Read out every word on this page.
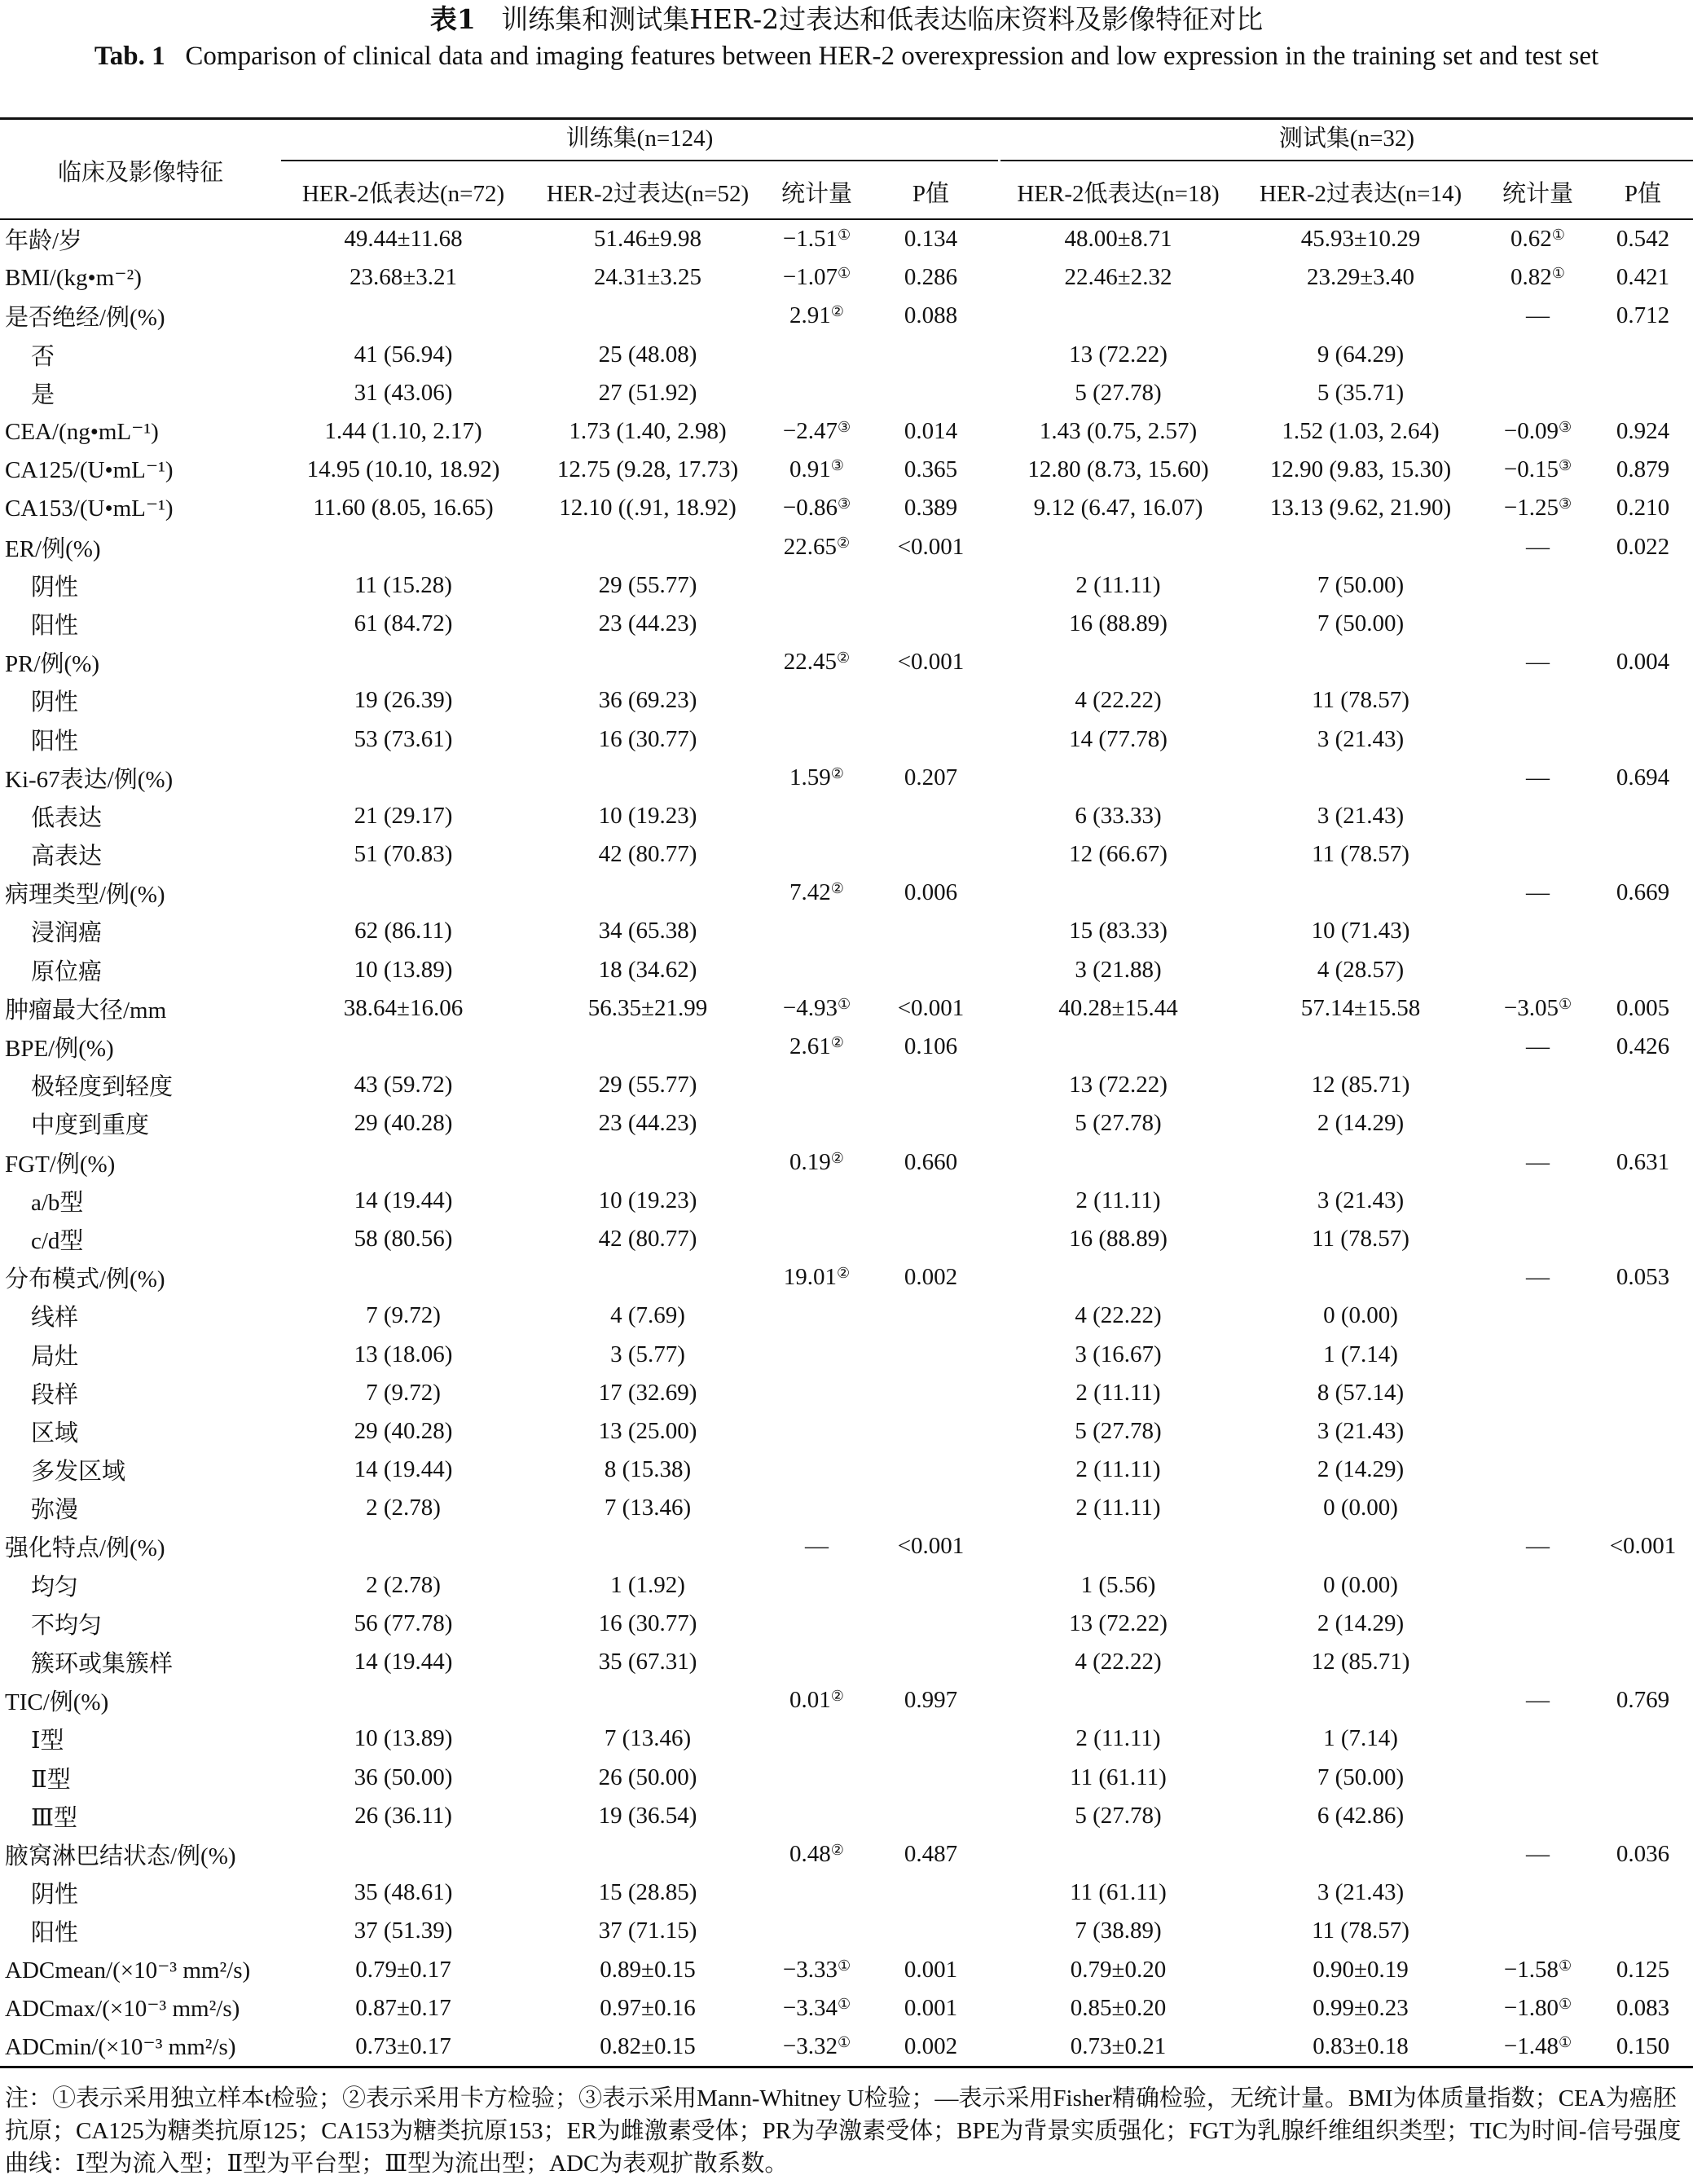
表1 训练集和测试集HER-2过表达和低表达临床资料及影像特征对比
Tab. 1 Comparison of clinical data and imaging features between HER-2 overexpression and low expression in the training set and test set
临床及影像特征
训练集(n=124)	测试集(n=32)
HER-2低表达(n=72)	HER-2过表达(n=52)	统计量	P值	HER-2低表达(n=18)	HER-2过表达(n=14)	统计量	P值
年龄/岁	49.44±11.68	51.46±9.98	−1.51①	0.134	48.00±8.71	45.93±10.29	0.62①	0.542
BMI/(kg•m⁻²)	23.68±3.21	24.31±3.25	−1.07①	0.286	22.46±2.32	23.29±3.40	0.82①	0.421
是否绝经/例(%)			2.91②	0.088			—	0.712
否	41 (56.94)	25 (48.08)			13 (72.22)	9 (64.29)		
是	31 (43.06)	27 (51.92)			5 (27.78)	5 (35.71)		
CEA/(ng•mL⁻¹)	1.44 (1.10, 2.17)	1.73 (1.40, 2.98)	−2.47③	0.014	1.43 (0.75, 2.57)	1.52 (1.03, 2.64)	−0.09③	0.924
CA125/(U•mL⁻¹)	14.95 (10.10, 18.92)	12.75 (9.28, 17.73)	0.91③	0.365	12.80 (8.73, 15.60)	12.90 (9.83, 15.30)	−0.15③	0.879
CA153/(U•mL⁻¹)	11.60 (8.05, 16.65)	12.10 ((.91, 18.92)	−0.86③	0.389	9.12 (6.47, 16.07)	13.13 (9.62, 21.90)	−1.25③	0.210
ER/例(%)			22.65②	<0.001			—	0.022
阴性	11 (15.28)	29 (55.77)			2 (11.11)	7 (50.00)		
阳性	61 (84.72)	23 (44.23)			16 (88.89)	7 (50.00)		
PR/例(%)			22.45②	<0.001			—	0.004
阴性	19 (26.39)	36 (69.23)			4 (22.22)	11 (78.57)		
阳性	53 (73.61)	16 (30.77)			14 (77.78)	3 (21.43)		
Ki-67表达/例(%)			1.59②	0.207			—	0.694
低表达	21 (29.17)	10 (19.23)			6 (33.33)	3 (21.43)		
高表达	51 (70.83)	42 (80.77)			12 (66.67)	11 (78.57)		
病理类型/例(%)			7.42②	0.006			—	0.669
浸润癌	62 (86.11)	34 (65.38)			15 (83.33)	10 (71.43)		
原位癌	10 (13.89)	18 (34.62)			3 (21.88)	4 (28.57)		
肿瘤最大径/mm	38.64±16.06	56.35±21.99	−4.93①	<0.001	40.28±15.44	57.14±15.58	−3.05①	0.005
BPE/例(%)			2.61②	0.106			—	0.426
极轻度到轻度	43 (59.72)	29 (55.77)			13 (72.22)	12 (85.71)		
中度到重度	29 (40.28)	23 (44.23)			5 (27.78)	2 (14.29)		
FGT/例(%)			0.19②	0.660			—	0.631
a/b型	14 (19.44)	10 (19.23)			2 (11.11)	3 (21.43)		
c/d型	58 (80.56)	42 (80.77)			16 (88.89)	11 (78.57)		
分布模式/例(%)			19.01②	0.002			—	0.053
线样	7 (9.72)	4 (7.69)			4 (22.22)	0 (0.00)		
局灶	13 (18.06)	3 (5.77)			3 (16.67)	1 (7.14)		
段样	7 (9.72)	17 (32.69)			2 (11.11)	8 (57.14)		
区域	29 (40.28)	13 (25.00)			5 (27.78)	3 (21.43)		
多发区域	14 (19.44)	8 (15.38)			2 (11.11)	2 (14.29)		
弥漫	2 (2.78)	7 (13.46)			2 (11.11)	0 (0.00)		
强化特点/例(%)			—	<0.001			—	<0.001
均匀	2 (2.78)	1 (1.92)			1 (5.56)	0 (0.00)		
不均匀	56 (77.78)	16 (30.77)			13 (72.22)	2 (14.29)		
簇环或集簇样	14 (19.44)	35 (67.31)			4 (22.22)	12 (85.71)		
TIC/例(%)			0.01②	0.997			—	0.769
Ⅰ型	10 (13.89)	7 (13.46)			2 (11.11)	1 (7.14)		
Ⅱ型	36 (50.00)	26 (50.00)			11 (61.11)	7 (50.00)		
Ⅲ型	26 (36.11)	19 (36.54)			5 (27.78)	6 (42.86)		
腋窝淋巴结状态/例(%)			0.48②	0.487			—	0.036
阴性	35 (48.61)	15 (28.85)			11 (61.11)	3 (21.43)		
阳性	37 (51.39)	37 (71.15)			7 (38.89)	11 (78.57)		
ADCmean/(×10⁻³ mm²/s)	0.79±0.17	0.89±0.15	−3.33①	0.001	0.79±0.20	0.90±0.19	−1.58①	0.125
ADCmax/(×10⁻³ mm²/s)	0.87±0.17	0.97±0.16	−3.34①	0.001	0.85±0.20	0.99±0.23	−1.80①	0.083
ADCmin/(×10⁻³ mm²/s)	0.73±0.17	0.82±0.15	−3.32①	0.002	0.73±0.21	0.83±0.18	−1.48①	0.150
注：①表示采用独立样本t检验；②表示采用卡方检验；③表示采用Mann-Whitney U检验；—表示采用Fisher精确检验，无统计量。BMI为体质量指数；CEA为癌胚抗原；CA125为糖类抗原125；CA153为糖类抗原153；ER为雌激素受体；PR为孕激素受体；BPE为背景实质强化；FGT为乳腺纤维组织类型；TIC为时间-信号强度曲线：Ⅰ型为流入型；Ⅱ型为平台型；Ⅲ型为流出型；ADC为表观扩散系数。
